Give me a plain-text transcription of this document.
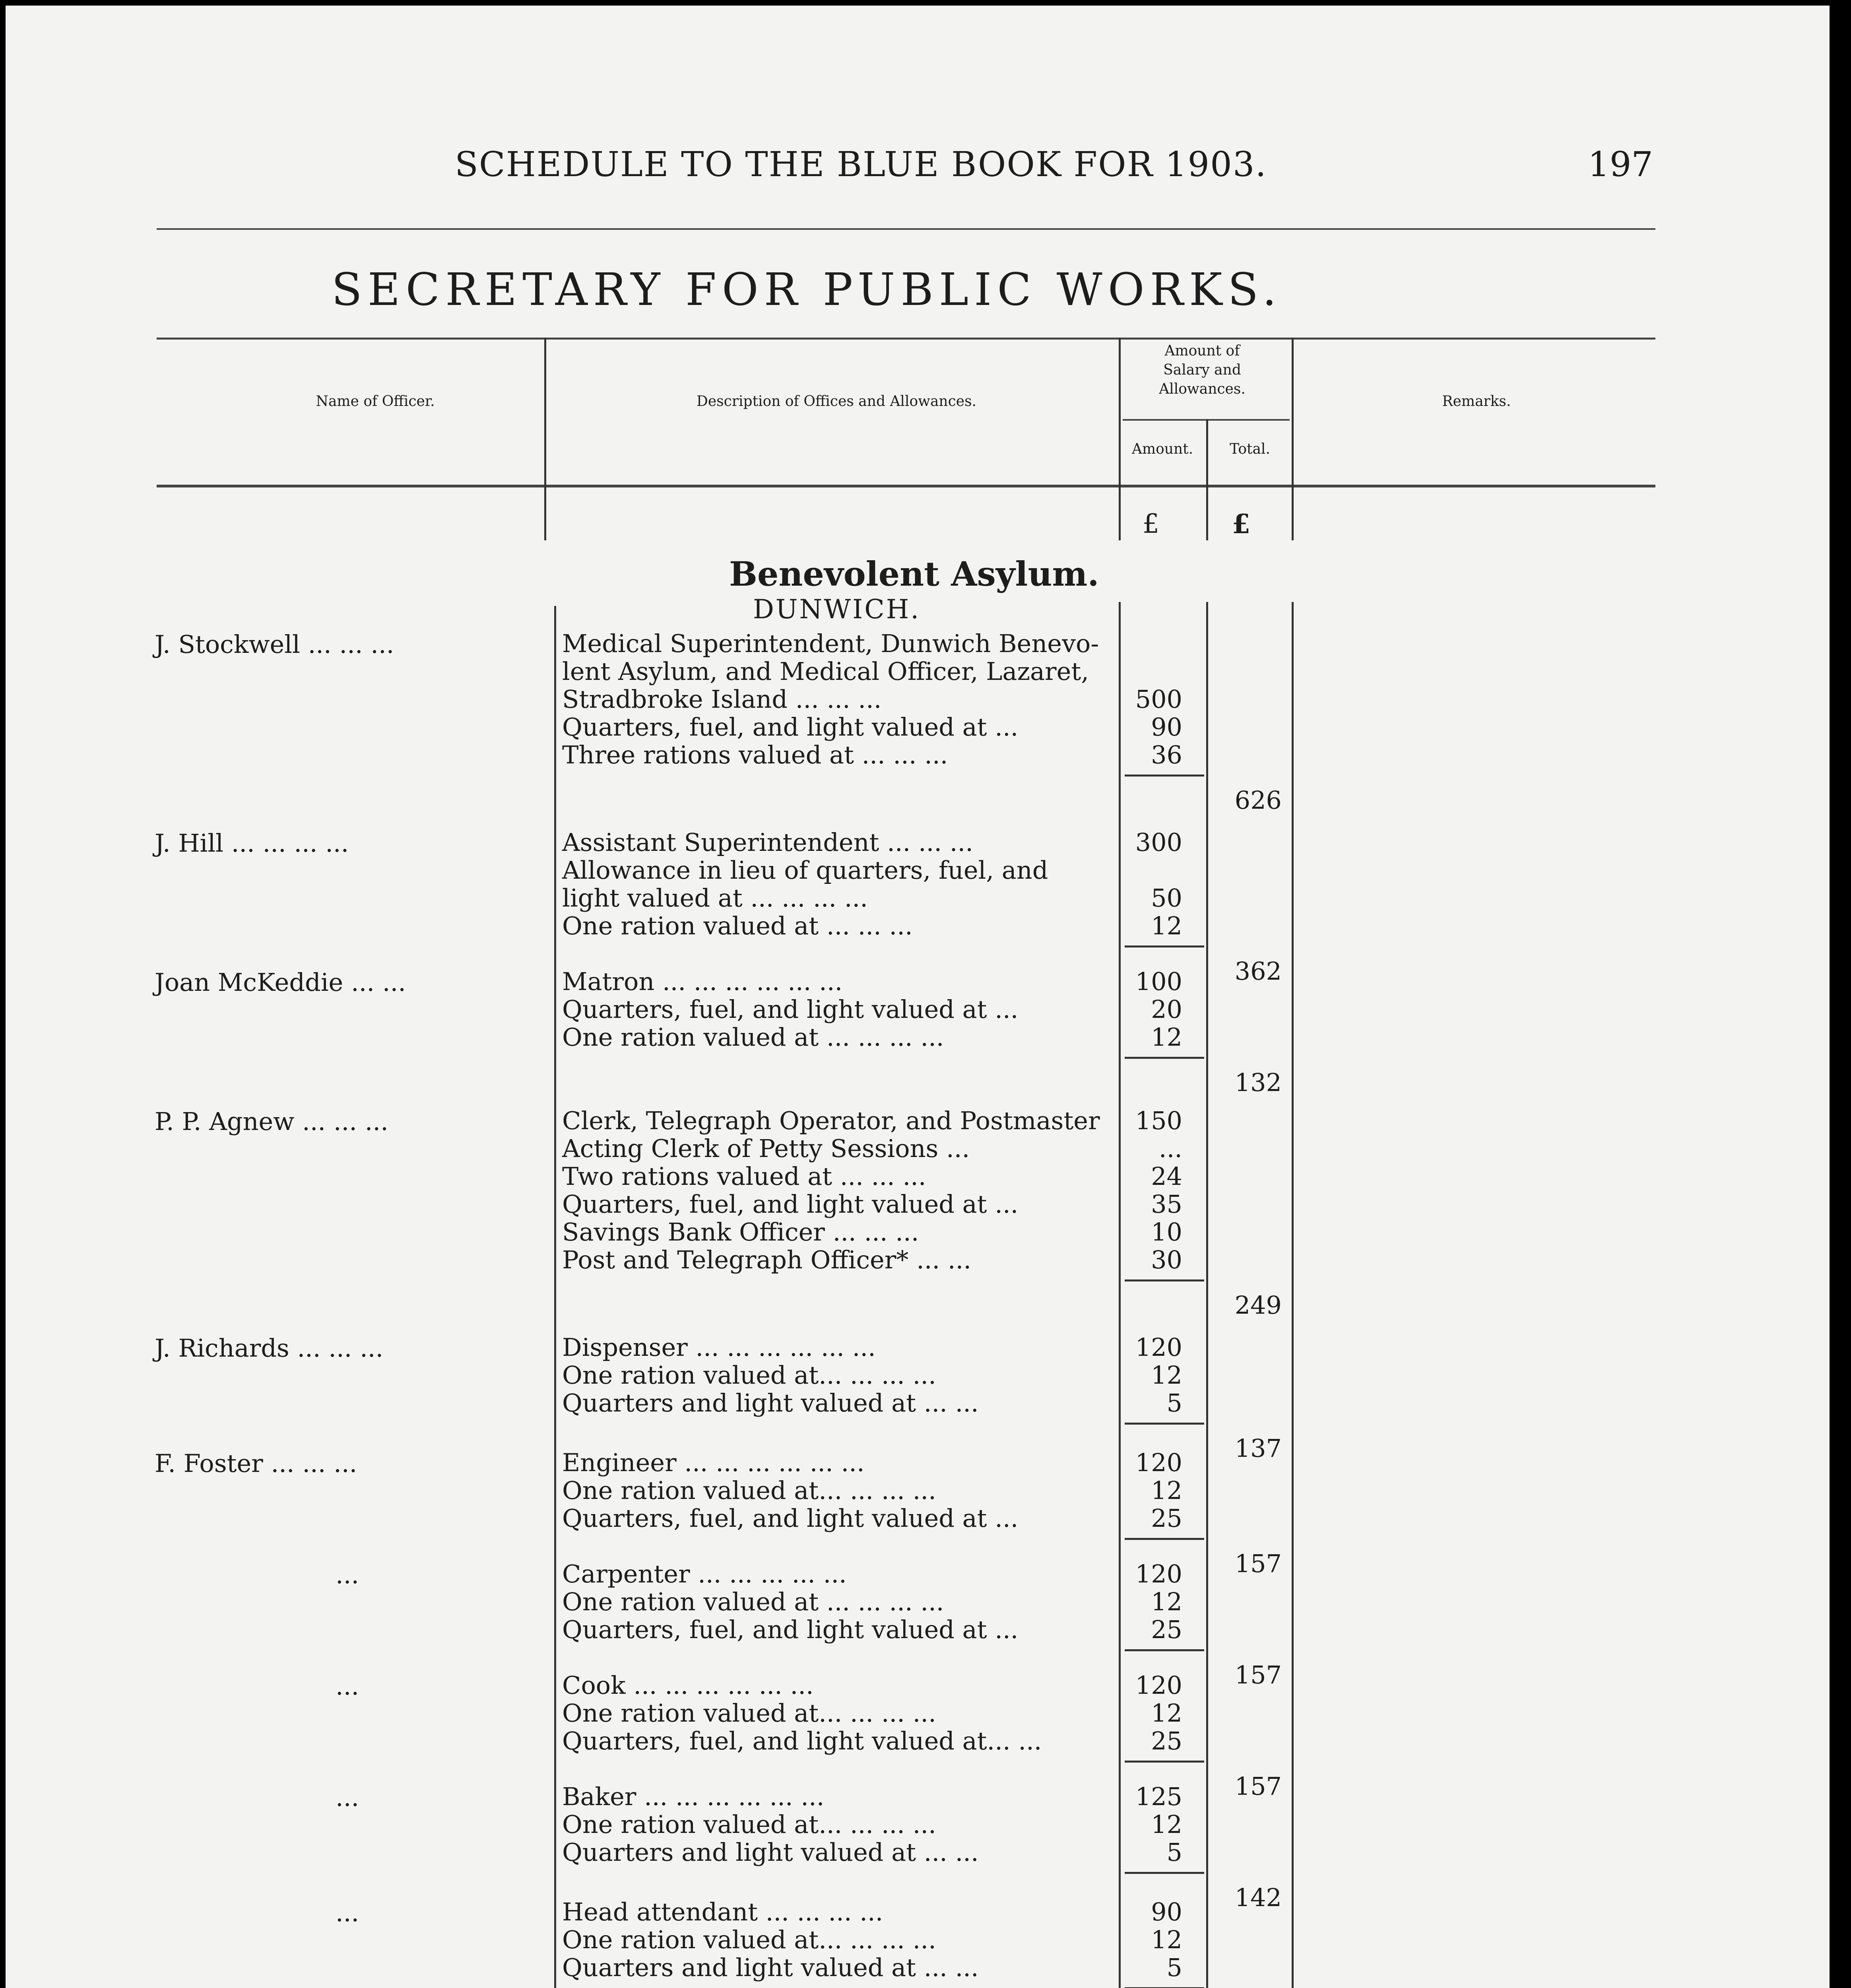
SCHEDULE TO THE BLUE BOOK FOR 1903.	197
SECRETARY FOR PUBLIC WORKS.
Name of Officer.	Description of Offices and Allowances.
Amount of
Salary and
Allowances.
Amount.	Total.
Remarks.
£	£
Benevolent Asylum.
DUNWICH.
J. Stockwell ... ... ...	Medical Superintendent, Dunwich Benevo-
lent Asylum, and Medical Officer, Lazaret,
Stradbroke Island ... ... ...	500
Quarters, fuel, and light valued at ...	90
Three rations valued at ... ... ...	36
626
J. Hill ... ... ... ...	Assistant Superintendent ... ... ...	300
Allowance in lieu of quarters, fuel, and
light valued at ... ... ... ...	50
One ration valued at ... ... ...	12
362
Joan McKeddie ... ...	Matron ... ... ... ... ... ...	100
Quarters, fuel, and light valued at ...	20
One ration valued at ... ... ... ...	12
132
P. P. Agnew ... ... ...	Clerk, Telegraph Operator, and Postmaster	150
Acting Clerk of Petty Sessions ...	...
Two rations valued at ... ... ...	24
Quarters, fuel, and light valued at ...	35
Savings Bank Officer ... ... ...	10
Post and Telegraph Officer* ... ...	30
249
J. Richards ... ... ...	Dispenser ... ... ... ... ... ...	120
One ration valued at... ... ... ...	12
Quarters and light valued at ... ...	5
137
F. Foster ... ... ...	Engineer ... ... ... ... ... ...	120
One ration valued at... ... ... ...	12
Quarters, fuel, and light valued at ...	25
157
...	Carpenter ... ... ... ... ...	120
One ration valued at ... ... ... ...	12
Quarters, fuel, and light valued at ...	25
157
...	Cook ... ... ... ... ... ...	120
One ration valued at... ... ... ...	12
Quarters, fuel, and light valued at... ...	25
157
...	Baker ... ... ... ... ... ...	125
One ration valued at... ... ... ...	12
Quarters and light valued at ... ...	5
142
...	Head attendant ... ... ... ...	90
One ration valued at... ... ... ...	12
Quarters and light valued at ... ...	5
